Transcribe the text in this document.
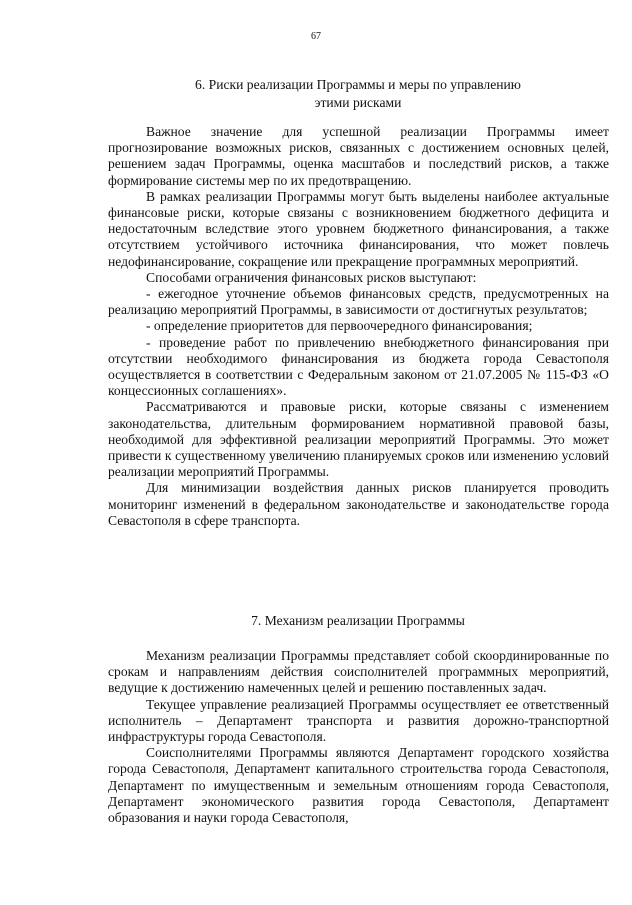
67
6. Риски реализации Программы и меры по управлению
этими рисками

Важное значение для успешной реализации Программы имеет прогнозирование возможных рисков, связанных с достижением основных целей, решением задач Программы, оценка масштабов и последствий рисков, а также формирование системы мер по их предотвращению.

В рамках реализации Программы могут быть выделены наиболее актуальные финансовые риски, которые связаны с возникновением бюджетного дефицита и недостаточным вследствие этого уровнем бюджетного финансирования, а также отсутствием устойчивого источника финансирования, что может повлечь недофинансирование, сокращение или прекращение программных мероприятий.

Способами ограничения финансовых рисков выступают:

- ежегодное уточнение объемов финансовых средств, предусмотренных на реализацию мероприятий Программы, в зависимости от достигнутых результатов;

- определение приоритетов для первоочередного финансирования;

- проведение работ по привлечению внебюджетного финансирования при отсутствии необходимого финансирования из бюджета города Севастополя осуществляется в соответствии с Федеральным законом от 21.07.2005 № 115-ФЗ «О концессионных соглашениях».

Рассматриваются и правовые риски, которые связаны с изменением законодательства, длительным формированием нормативной правовой базы, необходимой для эффективной реализации мероприятий Программы. Это может привести к существенному увеличению планируемых сроков или изменению условий реализации мероприятий Программы.

Для минимизации воздействия данных рисков планируется проводить мониторинг изменений в федеральном законодательстве и законодательстве города Севастополя в сфере транспорта.

7. Механизм реализации Программы

Механизм реализации Программы представляет собой скоординированные по срокам и направлениям действия соисполнителей программных мероприятий, ведущие к достижению намеченных целей и решению поставленных задач.

Текущее управление реализацией Программы осуществляет ее ответственный исполнитель – Департамент транспорта и развития дорожно-транспортной инфраструктуры города Севастополя.

Соисполнителями Программы являются Департамент городского хозяйства города Севастополя, Департамент капитального строительства города Севастополя, Департамент по имущественным и земельным отношениям города Севастополя, Департамент экономического развития города Севастополя, Департамент образования и науки города Севастополя,
